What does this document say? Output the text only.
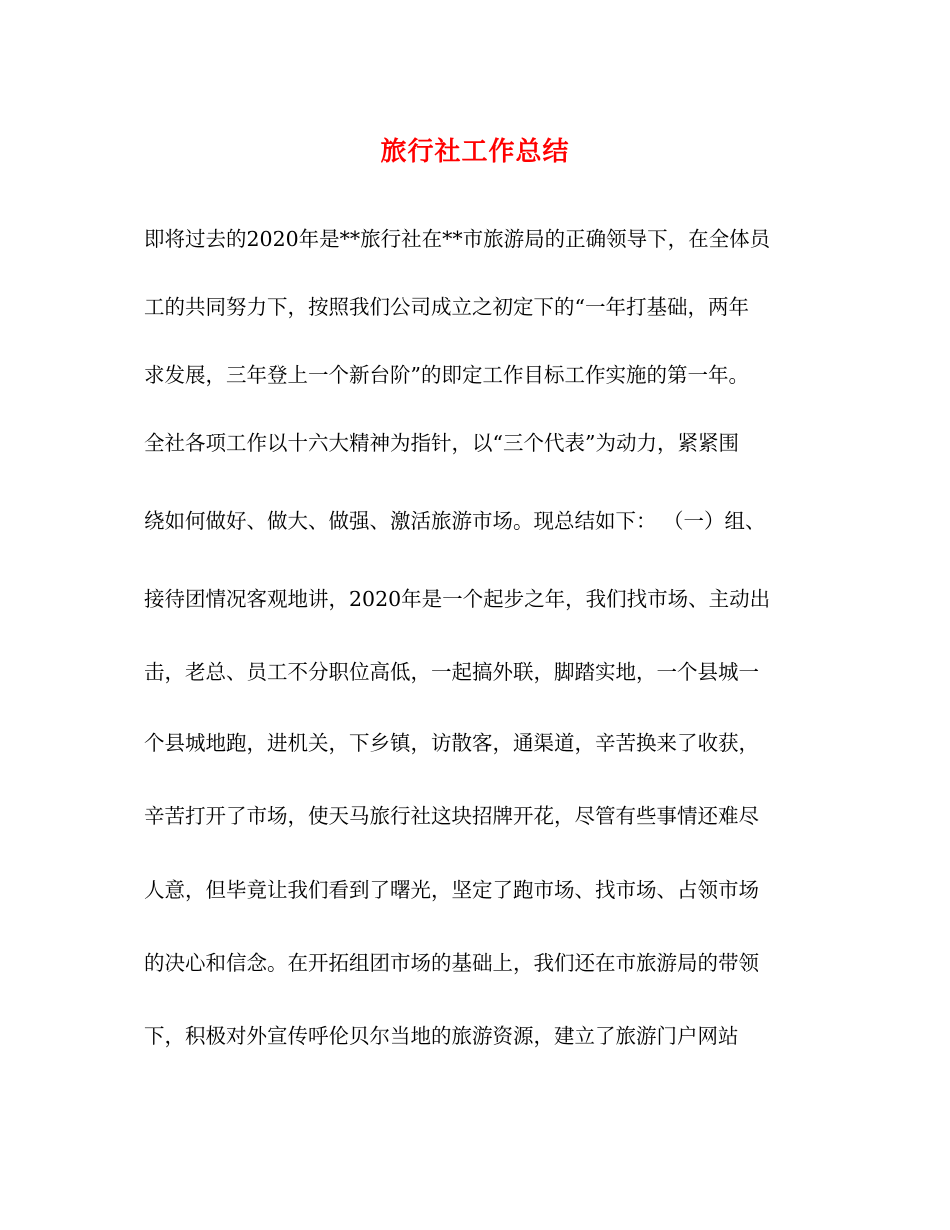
旅行社工作总结
即将过去的2020年是**旅行社在**市旅游局的正确领导下，在全体员
工的共同努力下，按照我们公司成立之初定下的“一年打基础，两年
求发展，三年登上一个新台阶”的即定工作目标工作实施的第一年。
全社各项工作以十六大精神为指针，以“三个代表”为动力，紧紧围
绕如何做好、做大、做强、激活旅游市场。现总结如下： （一）组、
接待团情况客观地讲，2020年是一个起步之年，我们找市场、主动出
击，老总、员工不分职位高低，一起搞外联，脚踏实地，一个县城一
个县城地跑，进机关，下乡镇，访散客，通渠道，辛苦换来了收获，
辛苦打开了市场，使天马旅行社这块招牌开花，尽管有些事情还难尽
人意，但毕竟让我们看到了曙光，坚定了跑市场、找市场、占领市场
的决心和信念。在开拓组团市场的基础上，我们还在市旅游局的带领
下，积极对外宣传呼伦贝尔当地的旅游资源，建立了旅游门户网站
